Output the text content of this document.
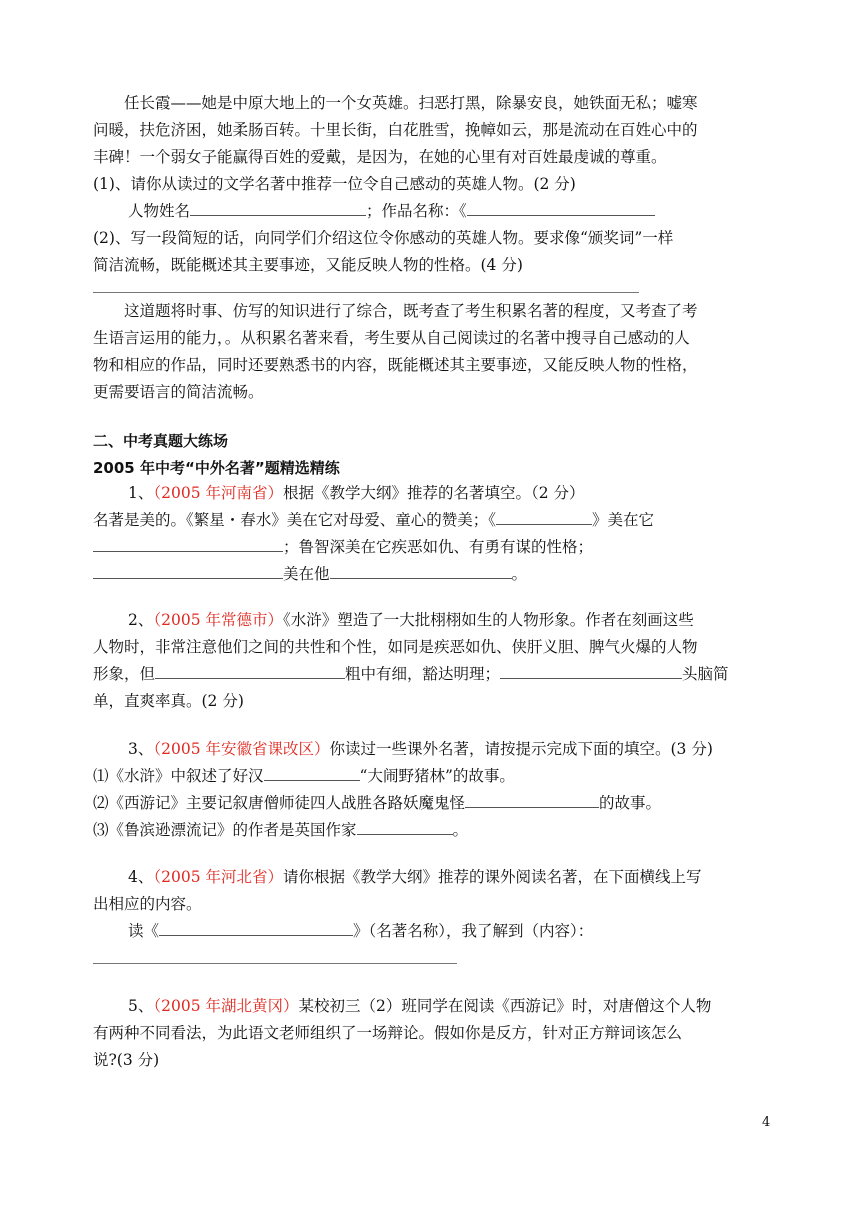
任长霞——她是中原大地上的一个女英雄。扫恶打黑，除暴安良，她铁面无私；嘘寒

问暖，扶危济困，她柔肠百转。十里长街，白花胜雪，挽幛如云，那是流动在百姓心中的

丰碑！一个弱女子能赢得百姓的爱戴，是因为，在她的心里有对百姓最虔诚的尊重。

(1)、请你从读过的文学名著中推荐一位令自己感动的英雄人物。(2 分)

人物姓名	；作品名称：《

(2)、写一段简短的话，向同学们介绍这位令你感动的英雄人物。要求像“颁奖词”一样

简洁流畅，既能概述其主要事迹，又能反映人物的性格。(4 分)

这道题将时事、仿写的知识进行了综合，既考查了考生积累名著的程度，又考查了考

生语言运用的能力，。从积累名著来看，考生要从自己阅读过的名著中搜寻自己感动的人

物和相应的作品，同时还要熟悉书的内容，既能概述其主要事迹，又能反映人物的性格，

更需要语言的简洁流畅。

二、中考真题大练场

2005 年中考“中外名著”题精选精练

1、（2005 年河南省）根据《教学大纲》推荐的名著填空。（2 分）

名著是美的。《繁星・春水》美在它对母爱、童心的赞美；《	》美在它

；鲁智深美在它疾恶如仇、有勇有谋的性格；

美在他	。

2、（2005 年常德市）《水浒》塑造了一大批栩栩如生的人物形象。作者在刻画这些

人物时，非常注意他们之间的共性和个性，如同是疾恶如仇、侠肝义胆、脾气火爆的人物

形象，但	粗中有细，豁达明理；	头脑简

单，直爽率真。(2 分)

3、（2005 年安徽省课改区）你读过一些课外名著，请按提示完成下面的填空。(3 分)

⑴《水浒》中叙述了好汉	“大闹野猪林”的故事。

⑵《西游记》主要记叙唐僧师徒四人战胜各路妖魔鬼怪	的故事。

⑶《鲁滨逊漂流记》的作者是英国作家	。

4、（2005 年河北省）请你根据《教学大纲》推荐的课外阅读名著，在下面横线上写

出相应的内容。

读《	》（名著名称），我了解到（内容）：

5、（2005 年湖北黄冈）某校初三（2）班同学在阅读《西游记》时，对唐僧这个人物

有两种不同看法，为此语文老师组织了一场辩论。假如你是反方，针对正方辩词该怎么

说?(3 分)

4
